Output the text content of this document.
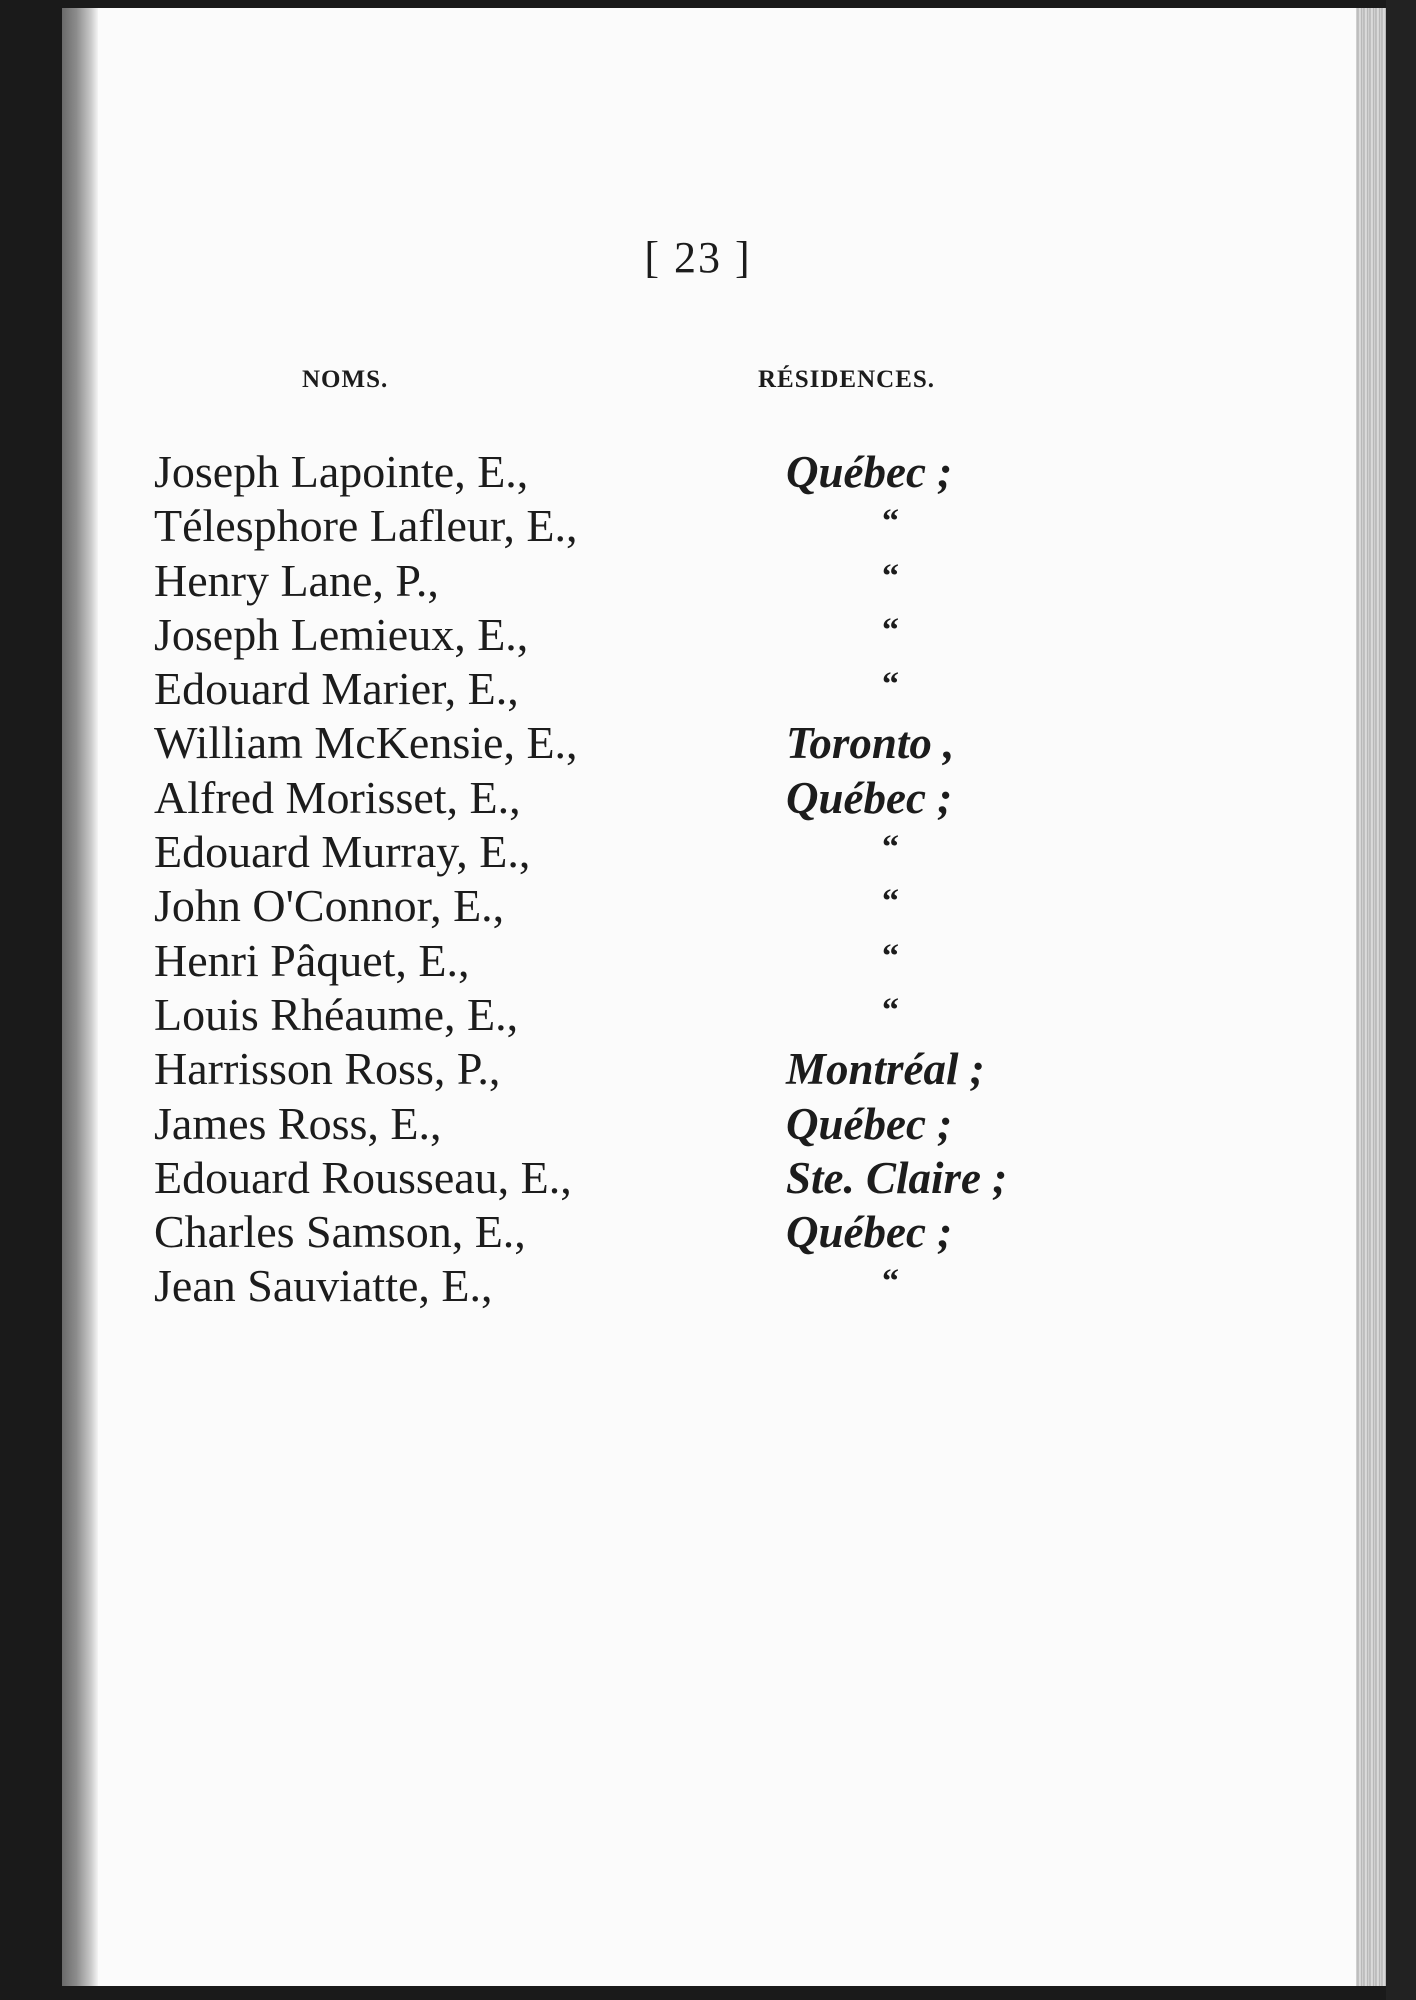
[ 23 ]
NOMS.	RÉSIDENCES.
Joseph Lapointe, E.,	Québec ;
Télesphore Lafleur, E.,	“
Henry Lane, P.,	“
Joseph Lemieux, E.,	“
Edouard Marier, E.,	“
William McKensie, E.,	Toronto ,
Alfred Morisset, E.,	Québec ;
Edouard Murray, E.,	“
John O'Connor, E.,	“
Henri Pâquet, E.,	“
Louis Rhéaume, E.,	“
Harrisson Ross, P.,	Montréal ;
James Ross, E.,	Québec ;
Edouard Rousseau, E.,	Ste. Claire ;
Charles Samson, E.,	Québec ;
Jean Sauviatte, E.,	“
